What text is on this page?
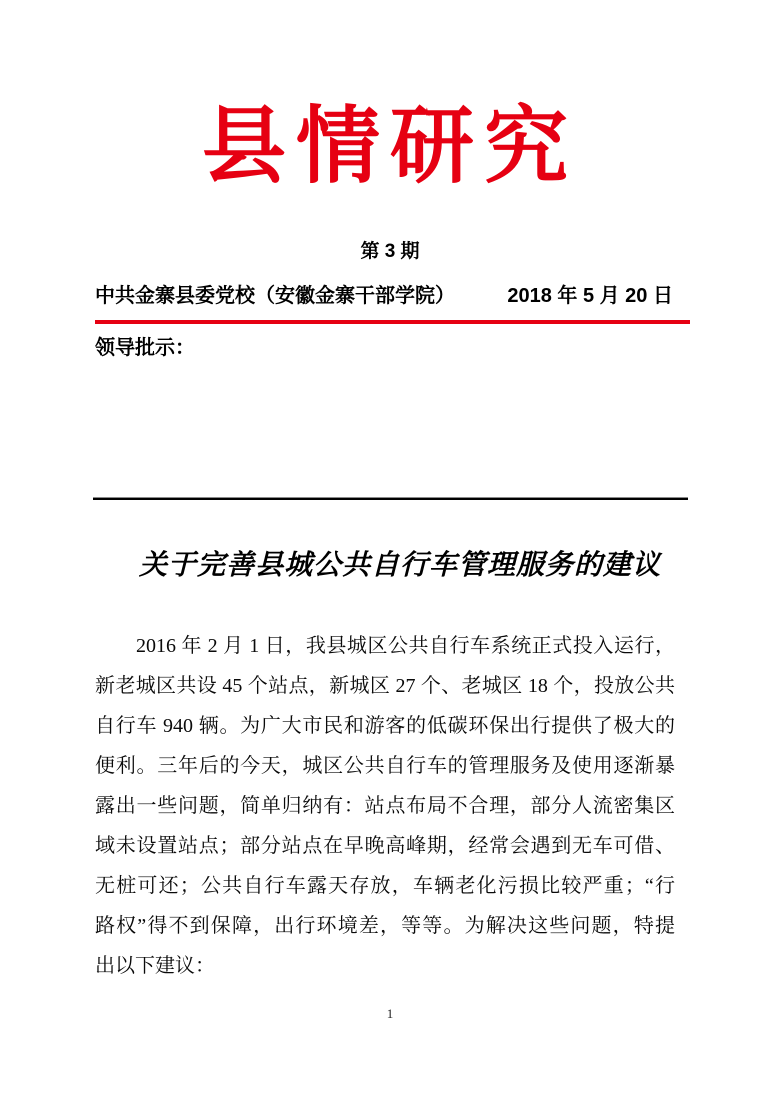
县情研究
第 3 期
中共金寨县委党校（安徽金寨干部学院）	2018 年 5 月 20 日
领导批示：
关于完善县城公共自行车管理服务的建议
2016 年 2 月 1 日，我县城区公共自行车系统正式投入运行，
新老城区共设 45 个站点，新城区 27 个、老城区 18 个，投放公共
自行车 940 辆。为广大市民和游客的低碳环保出行提供了极大的
便利。三年后的今天，城区公共自行车的管理服务及使用逐渐暴
露出一些问题，简单归纳有：站点布局不合理，部分人流密集区
域未设置站点；部分站点在早晚高峰期，经常会遇到无车可借、
无桩可还；公共自行车露天存放，车辆老化污损比较严重；“行
路权”得不到保障，出行环境差，等等。为解决这些问题，特提
出以下建议：
1
